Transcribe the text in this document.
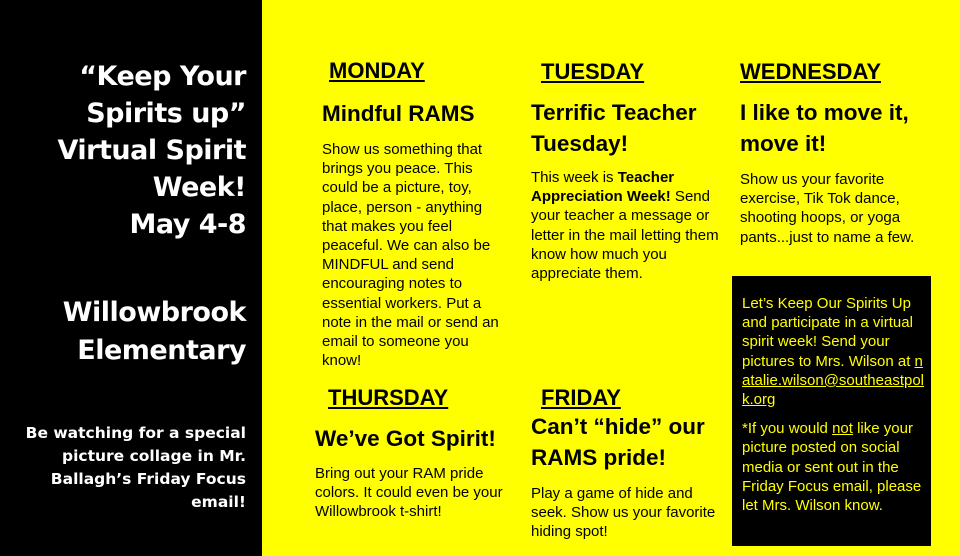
“Keep Your
Spirits up”
Virtual Spirit
Week!
May 4-8
Willowbrook
Elementary
Be watching for a special picture collage in Mr. Ballagh’s Friday Focus email!
MONDAY
Mindful RAMS
Show us something that brings you peace. This could be a picture, toy, place, person - anything that makes you feel peaceful. We can also be MINDFUL and send encouraging notes to essential workers. Put a note in the mail or send an email to someone you know!
TUESDAY
Terrific Teacher Tuesday!
This week is Teacher Appreciation Week! Send your teacher a message or letter in the mail letting them know how much you appreciate them.
WEDNESDAY
I like to move it, move it!
Show us your favorite exercise, Tik Tok dance, shooting hoops, or yoga pants...just to name a few.
THURSDAY
We’ve Got Spirit!
Bring out your RAM pride colors. It could even be your Willowbrook t-shirt!
FRIDAY
Can’t “hide” our RAMS pride!
Play a game of hide and seek. Show us your favorite hiding spot!

Let’s Keep Our Spirits Up and participate in a virtual spirit week! Send your pictures to Mrs. Wilson at natalie.wilson@southeastpolk.org

*If you would not like your picture posted on social media or sent out in the Friday Focus email, please let Mrs. Wilson know.
